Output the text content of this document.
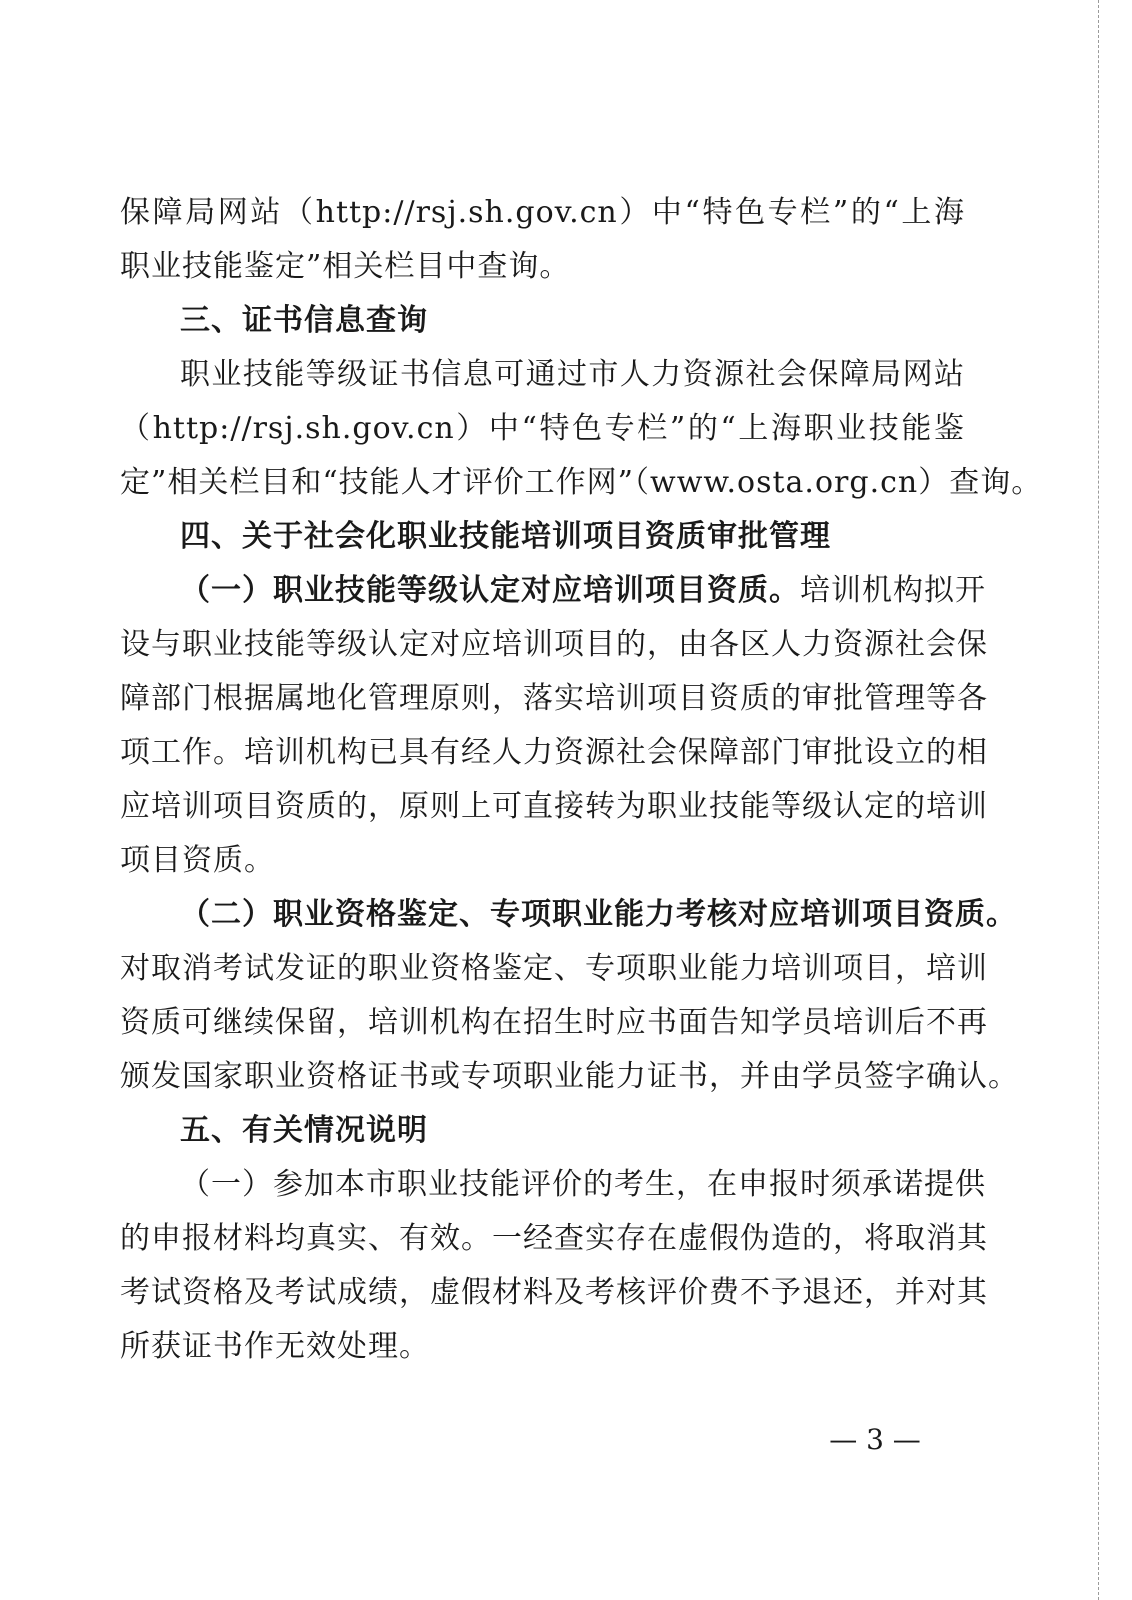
保障局网站（http://rsj.sh.gov.cn）中“特色专栏”的“上海
职业技能鉴定”相关栏目中查询。
三、证书信息查询
职业技能等级证书信息可通过市人力资源社会保障局网站
（http://rsj.sh.gov.cn）中“特色专栏”的“上海职业技能鉴
定”相关栏目和“技能人才评价工作网”（www.osta.org.cn）查询。
四、关于社会化职业技能培训项目资质审批管理
（一）职业技能等级认定对应培训项目资质。培训机构拟开
设与职业技能等级认定对应培训项目的，由各区人力资源社会保
障部门根据属地化管理原则，落实培训项目资质的审批管理等各
项工作。培训机构已具有经人力资源社会保障部门审批设立的相
应培训项目资质的，原则上可直接转为职业技能等级认定的培训
项目资质。
（二）职业资格鉴定、专项职业能力考核对应培训项目资质。
对取消考试发证的职业资格鉴定、专项职业能力培训项目，培训
资质可继续保留，培训机构在招生时应书面告知学员培训后不再
颁发国家职业资格证书或专项职业能力证书，并由学员签字确认。
五、有关情况说明
（一）参加本市职业技能评价的考生，在申报时须承诺提供
的申报材料均真实、有效。一经查实存在虚假伪造的，将取消其
考试资格及考试成绩，虚假材料及考核评价费不予退还，并对其
所获证书作无效处理。
— 3 —
